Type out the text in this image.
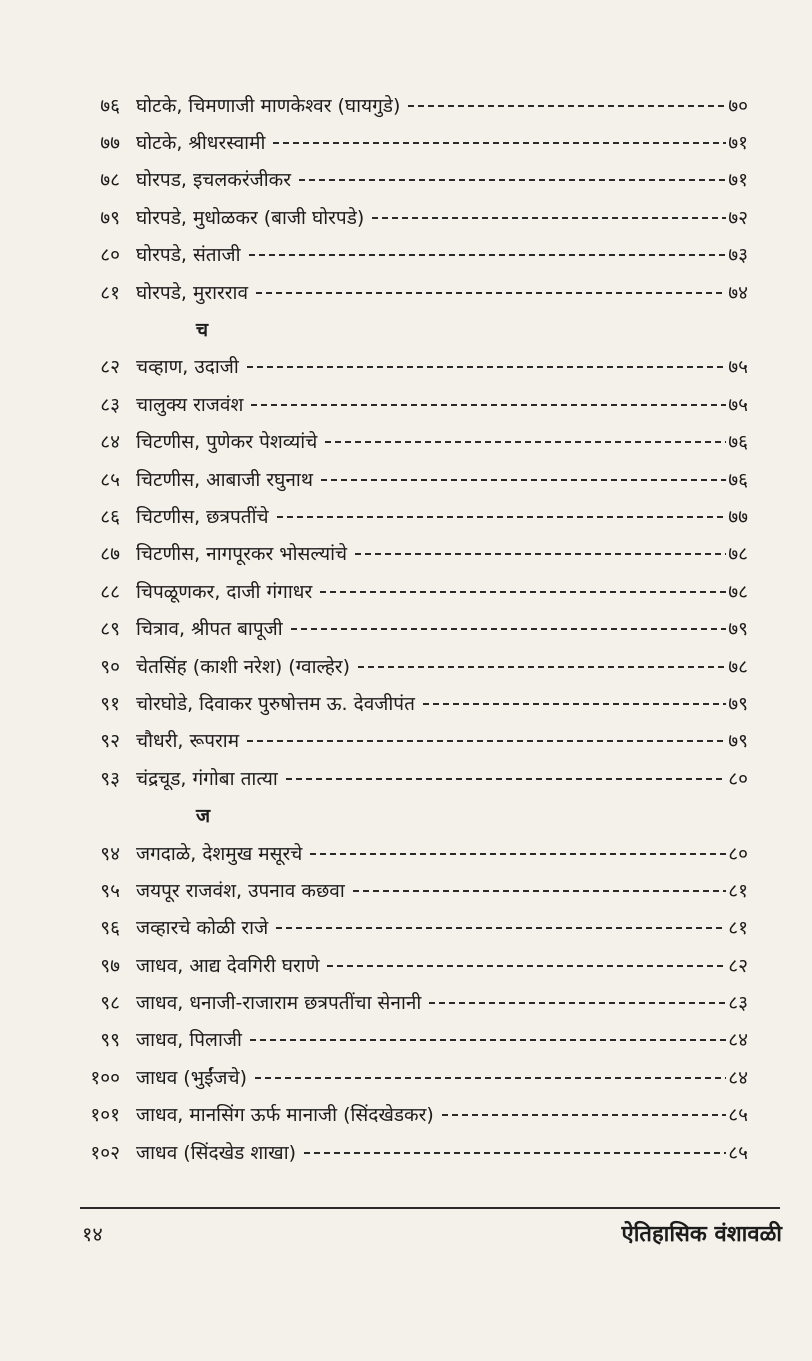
७६ घोटके, चिमणाजी माणकेश्वर (घायगुडे)	७०
७७ घोटके, श्रीधरस्वामी	७१
७८ घोरपड, इचलकरंजीकर	७१
७९ घोरपडे, मुधोळकर (बाजी घोरपडे)	७२
८० घोरपडे, संताजी	७३
८१ घोरपडे, मुरारराव	७४
च
८२ चव्हाण, उदाजी	७५
८३ चालुक्य राजवंश	७५
८४ चिटणीस, पुणेकर पेशव्यांचे	७६
८५ चिटणीस, आबाजी रघुनाथ	७६
८६ चिटणीस, छत्रपतींचे	७७
८७ चिटणीस, नागपूरकर भोसल्यांचे	७८
८८ चिपळूणकर, दाजी गंगाधर	७८
८९ चित्राव, श्रीपत बापूजी	७९
९० चेतसिंह (काशी नरेश) (ग्वाल्हेर)	७८
९१ चोरघोडे, दिवाकर पुरुषोत्तम ऊ. देवजीपंत	७९
९२ चौधरी, रूपराम	७९
९३ चंद्रचूड, गंगोबा तात्या	८०
ज
९४ जगदाळे, देशमुख मसूरचे	८०
९५ जयपूर राजवंश, उपनाव कछवा	८१
९६ जव्हारचे कोळी राजे	८१
९७ जाधव, आद्य देवगिरी घराणे	८२
९८ जाधव, धनाजी-राजाराम छत्रपतींचा सेनानी	८३
९९ जाधव, पिलाजी	८४
१०० जाधव (भुईंजचे)	८४
१०१ जाधव, मानसिंग ऊर्फ मानाजी (सिंदखेडकर)	८५
१०२ जाधव (सिंदखेड शाखा)	८५
१४	ऐतिहासिक वंशावळी
